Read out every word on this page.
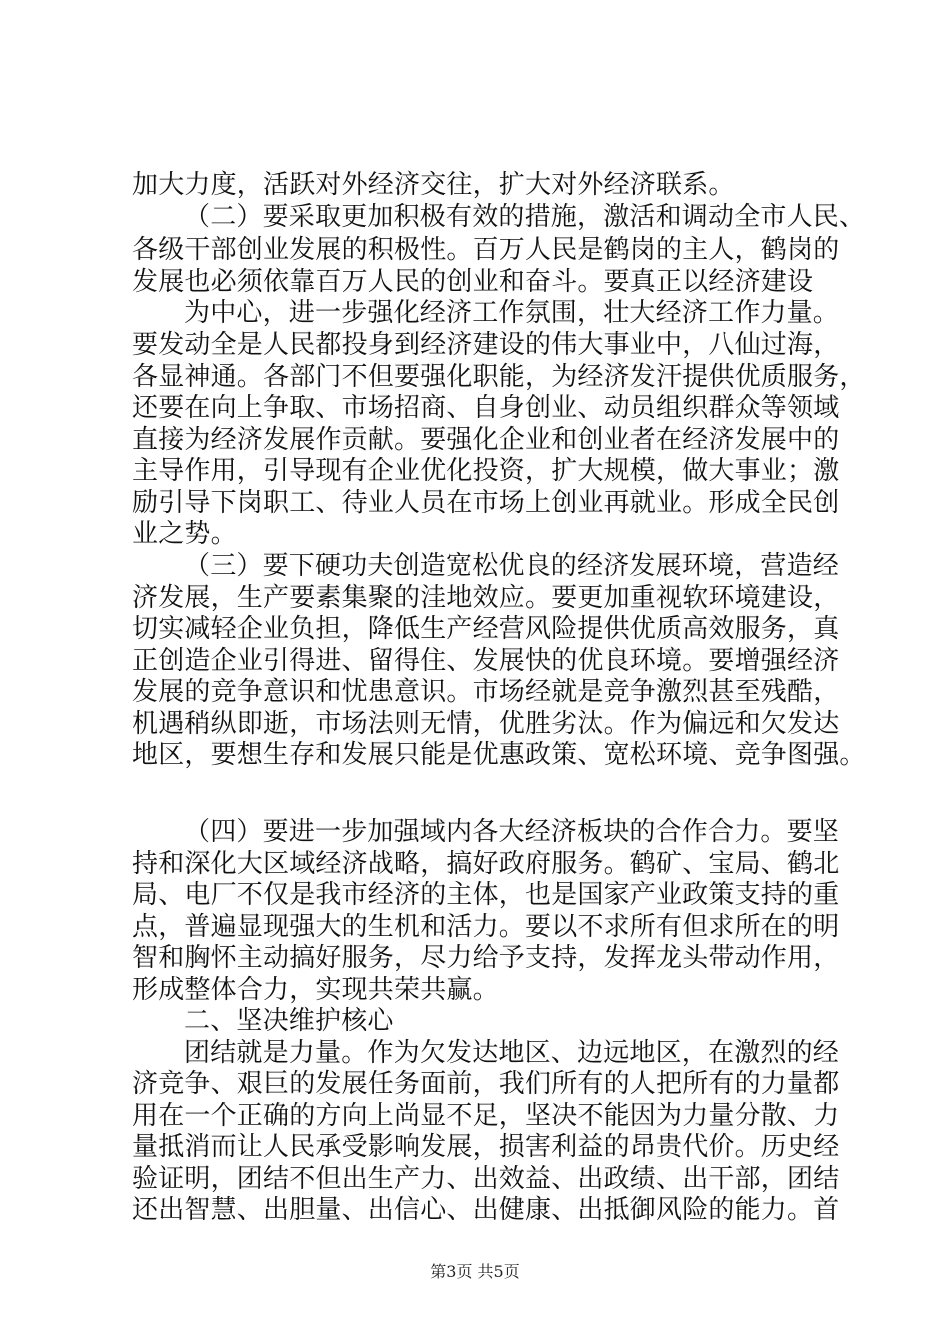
加大力度，活跃对外经济交往，扩大对外经济联系。
（二）要采取更加积极有效的措施，激活和调动全市人民、
各级干部创业发展的积极性。百万人民是鹤岗的主人，鹤岗的
发展也必须依靠百万人民的创业和奋斗。要真正以经济建设
为中心，进一步强化经济工作氛围，壮大经济工作力量。
要发动全是人民都投身到经济建设的伟大事业中，八仙过海，
各显神通。各部门不但要强化职能，为经济发汗提供优质服务，
还要在向上争取、市场招商、自身创业、动员组织群众等领域
直接为经济发展作贡献。要强化企业和创业者在经济发展中的
主导作用，引导现有企业优化投资，扩大规模，做大事业；激
励引导下岗职工、待业人员在市场上创业再就业。形成全民创
业之势。
（三）要下硬功夫创造宽松优良的经济发展环境，营造经
济发展，生产要素集聚的洼地效应。要更加重视软环境建设，
切实减轻企业负担，降低生产经营风险提供优质高效服务，真
正创造企业引得进、留得住、发展快的优良环境。要增强经济
发展的竞争意识和忧患意识。市场经就是竞争激烈甚至残酷，
机遇稍纵即逝，市场法则无情，优胜劣汰。作为偏远和欠发达
地区，要想生存和发展只能是优惠政策、宽松环境、竞争图强。
（四）要进一步加强域内各大经济板块的合作合力。要坚
持和深化大区域经济战略，搞好政府服务。鹤矿、宝局、鹤北
局、电厂不仅是我市经济的主体，也是国家产业政策支持的重
点，普遍显现强大的生机和活力。要以不求所有但求所在的明
智和胸怀主动搞好服务，尽力给予支持，发挥龙头带动作用，
形成整体合力，实现共荣共赢。
二、坚决维护核心
团结就是力量。作为欠发达地区、边远地区，在激烈的经
济竞争、艰巨的发展任务面前，我们所有的人把所有的力量都
用在一个正确的方向上尚显不足，坚决不能因为力量分散、力
量抵消而让人民承受影响发展，损害利益的昂贵代价。历史经
验证明，团结不但出生产力、出效益、出政绩、出干部，团结
还出智慧、出胆量、出信心、出健康、出抵御风险的能力。首
第3页 共5页
